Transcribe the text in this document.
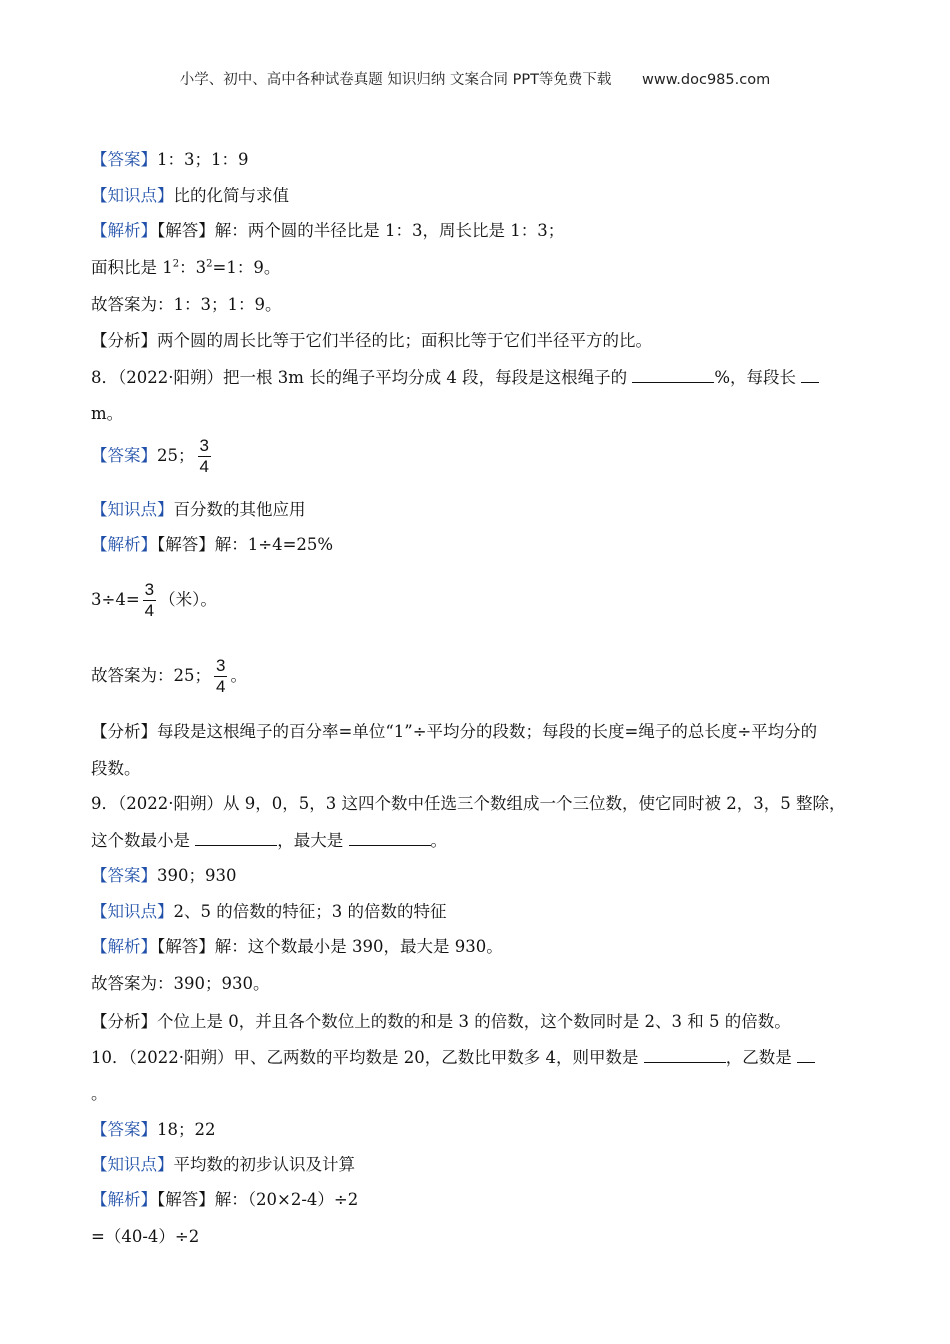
小学、初中、高中各种试卷真题 知识归纳 文案合同 PPT等免费下载 www.doc985.com
【答案】1：3；1：9
【知识点】比的化简与求值
【解析】【解答】解：两个圆的半径比是 1：3，周长比是 1：3；
面积比是 $1^2$：$3^2=1$：9。
故答案为：1：3；1：9。
【分析】两个圆的周长比等于它们半径的比；面积比等于它们半径平方的比。
8．（2022·阳朔）把一根 3m 长的绳子平均分成 4 段，每段是这根绳子的	%，每段长
m。
【答案】25； $\frac{3}{4}$
【知识点】百分数的其他应用
【解析】【解答】解：1÷4=25%
$3\div 4= \frac{3}{4}$ （米）。
故答案为：25； $\frac{3}{4}$ 。
【分析】每段是这根绳子的百分率=单位“1”÷平均分的段数；每段的长度=绳子的总长度÷平均分的
段数。
9．（2022·阳朔）从 9，0，5，3 这四个数中任选三个数组成一个三位数，使它同时被 2，3，5 整除，
这个数最小是	，最大是	。
【答案】390；930
【知识点】2、5 的倍数的特征；3 的倍数的特征
【解析】【解答】解：这个数最小是 390，最大是 930。
故答案为：390；930。
【分析】个位上是 0，并且各个数位上的数的和是 3 的倍数，这个数同时是 2、3 和 5 的倍数。
10．（2022·阳朔）甲、乙两数的平均数是 20，乙数比甲数多 4，则甲数是	，乙数是
。
【答案】18；22
【知识点】平均数的初步认识及计算
【解析】【解答】解：（20×2-4）÷2
=（40-4）÷2
